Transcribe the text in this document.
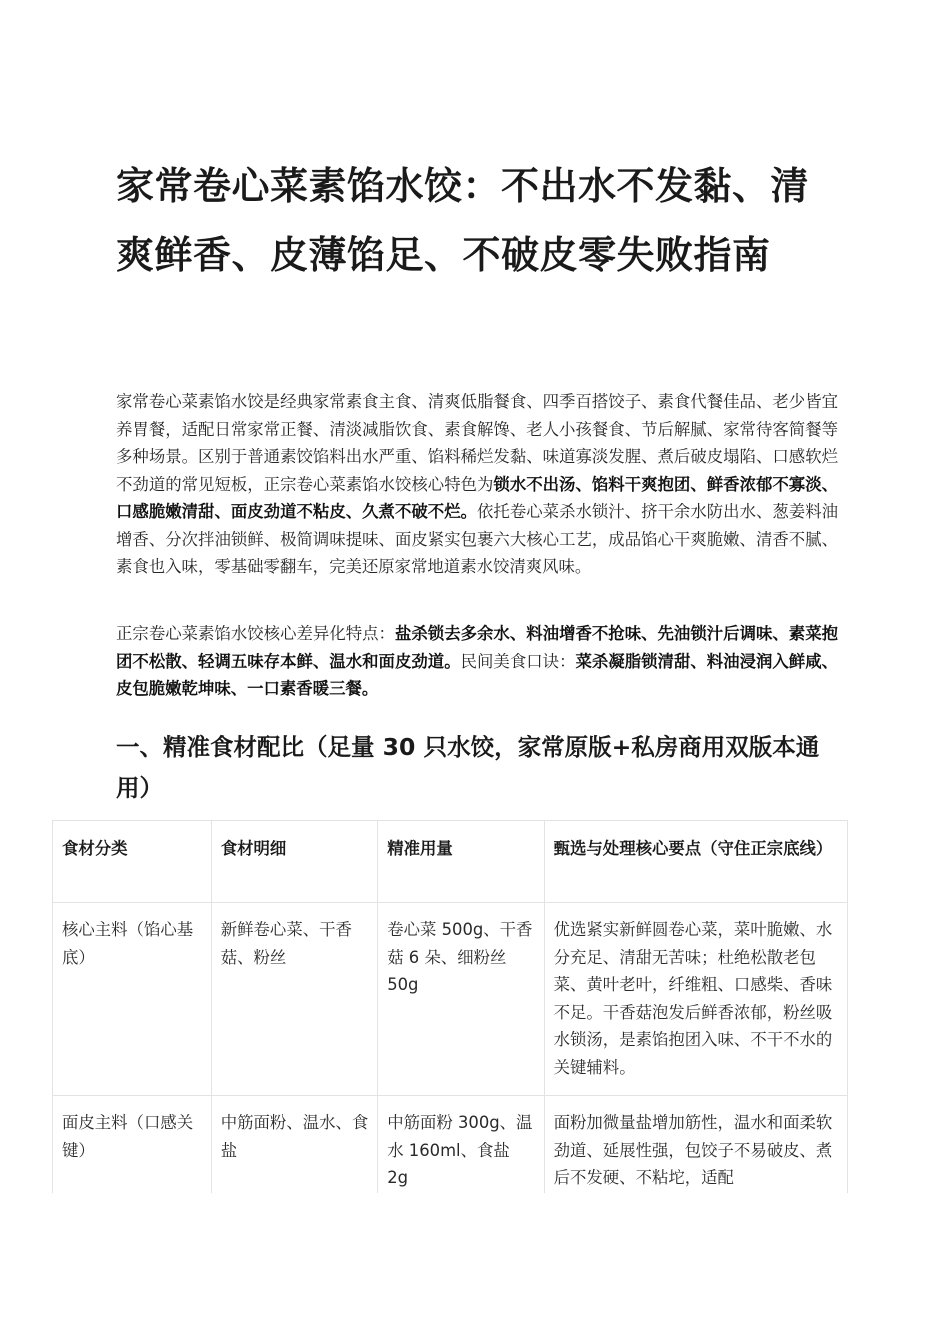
家常卷心菜素馅水饺：不出水不发黏、清爽鲜香、皮薄馅足、不破皮零失败指南

家常卷心菜素馅水饺是经典家常素食主食、清爽低脂餐食、四季百搭饺子、素食代餐佳品、老少皆宜养胃餐，适配日常家常正餐、清淡减脂饮食、素食解馋、老人小孩餐食、节后解腻、家常待客简餐等多种场景。区别于普通素饺馅料出水严重、馅料稀烂发黏、味道寡淡发腥、煮后破皮塌陷、口感软烂不劲道的常见短板，正宗卷心菜素馅水饺核心特色为锁水不出汤、馅料干爽抱团、鲜香浓郁不寡淡、口感脆嫩清甜、面皮劲道不粘皮、久煮不破不烂。依托卷心菜杀水锁汁、挤干余水防出水、葱姜料油增香、分次拌油锁鲜、极简调味提味、面皮紧实包裹六大核心工艺，成品馅心干爽脆嫩、清香不腻、素食也入味，零基础零翻车，完美还原家常地道素水饺清爽风味。

正宗卷心菜素馅水饺核心差异化特点：盐杀锁去多余水、料油增香不抢味、先油锁汁后调味、素菜抱团不松散、轻调五味存本鲜、温水和面皮劲道。民间美食口诀：菜杀凝脂锁清甜、料油浸润入鲜咸、皮包脆嫩乾坤味、一口素香暖三餐。

一、精准食材配比（足量 30 只水饺，家常原版+私房商用双版本通用）
食材分类	食材明细	精准用量	甄选与处理核心要点（守住正宗底线）
核心主料（馅心基底）	新鲜卷心菜、干香菇、粉丝	卷心菜 500g、干香菇 6 朵、细粉丝 50g	优选紧实新鲜圆卷心菜，菜叶脆嫩、水分充足、清甜无苦味；杜绝松散老包菜、黄叶老叶，纤维粗、口感柴、香味不足。干香菇泡发后鲜香浓郁，粉丝吸水锁汤，是素馅抱团入味、不干不水的关键辅料。
面皮主料（口感关键）	中筋面粉、温水、食盐	中筋面粉 300g、温水 160ml、食盐 2g	面粉加微量盐增加筋性，温水和面柔软劲道、延展性强，包饺子不易破皮、煮后不发硬、不粘坨，适配
